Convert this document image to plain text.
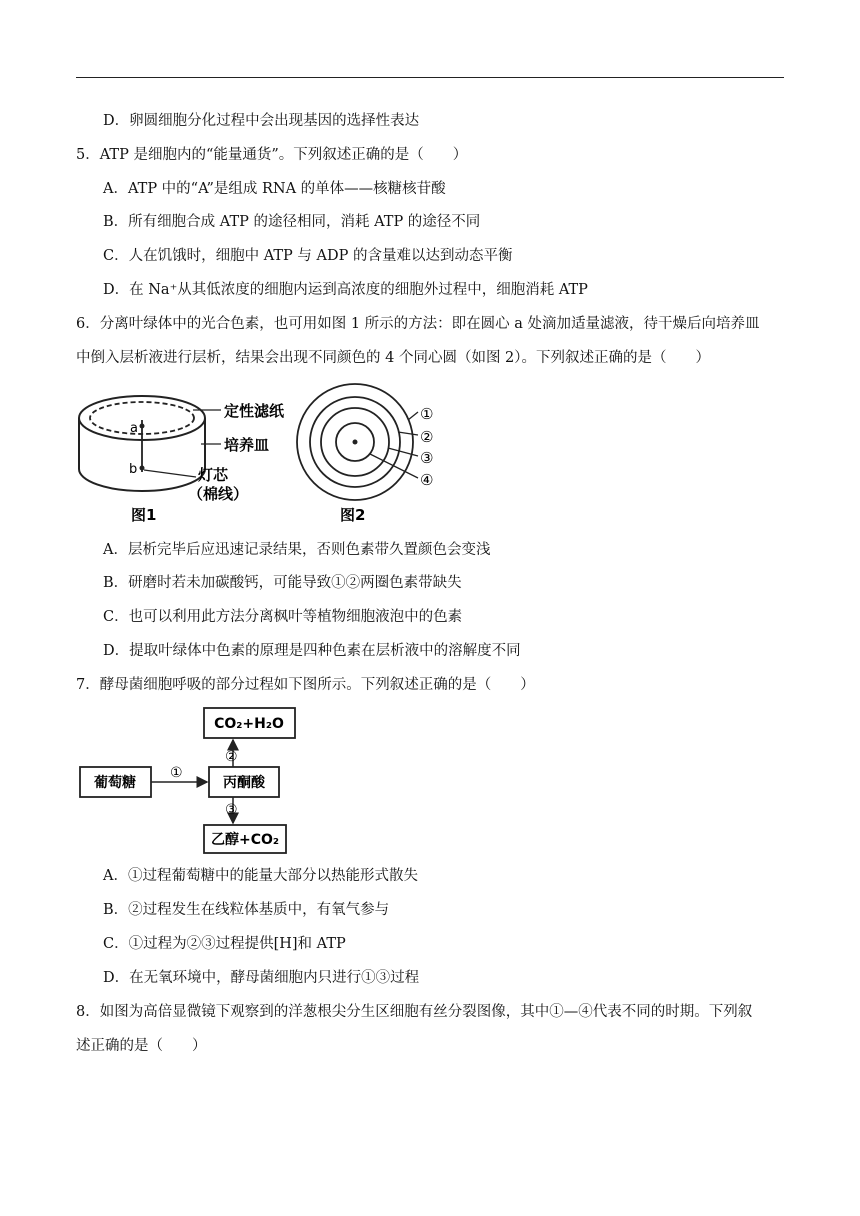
D．卵圆细胞分化过程中会出现基因的选择性表达
5．ATP 是细胞内的“能量通货”。下列叙述正确的是（　　）
A．ATP 中的“A”是组成 RNA 的单体——核糖核苷酸
B．所有细胞合成 ATP 的途径相同，消耗 ATP 的途径不同
C．人在饥饿时，细胞中 ATP 与 ADP 的含量难以达到动态平衡
D．在 Na⁺从其低浓度的细胞内运到高浓度的细胞外过程中，细胞消耗 ATP
6．分离叶绿体中的光合色素，也可用如图 1 所示的方法：即在圆心 a 处滴加适量滤液，待干燥后向培养皿
中倒入层析液进行层析，结果会出现不同颜色的 4 个同心圆（如图 2）。下列叙述正确的是（　　）
a
b
定性滤纸
培养皿
灯芯
（棉线）
图1
①
②
③
④
图2
A．层析完毕后应迅速记录结果，否则色素带久置颜色会变浅
B．研磨时若未加碳酸钙，可能导致①②两圈色素带缺失
C．也可以利用此方法分离枫叶等植物细胞液泡中的色素
D．提取叶绿体中色素的原理是四种色素在层析液中的溶解度不同
7．酵母菌细胞呼吸的部分过程如下图所示。下列叙述正确的是（　　）
CO₂+H₂O
葡萄糖	丙酮酸
乙醇+CO₂
①
②
③
A．①过程葡萄糖中的能量大部分以热能形式散失
B．②过程发生在线粒体基质中，有氧气参与
C．①过程为②③过程提供[H]和 ATP
D．在无氧环境中，酵母菌细胞内只进行①③过程
8．如图为高倍显微镜下观察到的洋葱根尖分生区细胞有丝分裂图像，其中①—④代表不同的时期。下列叙
述正确的是（　　）
